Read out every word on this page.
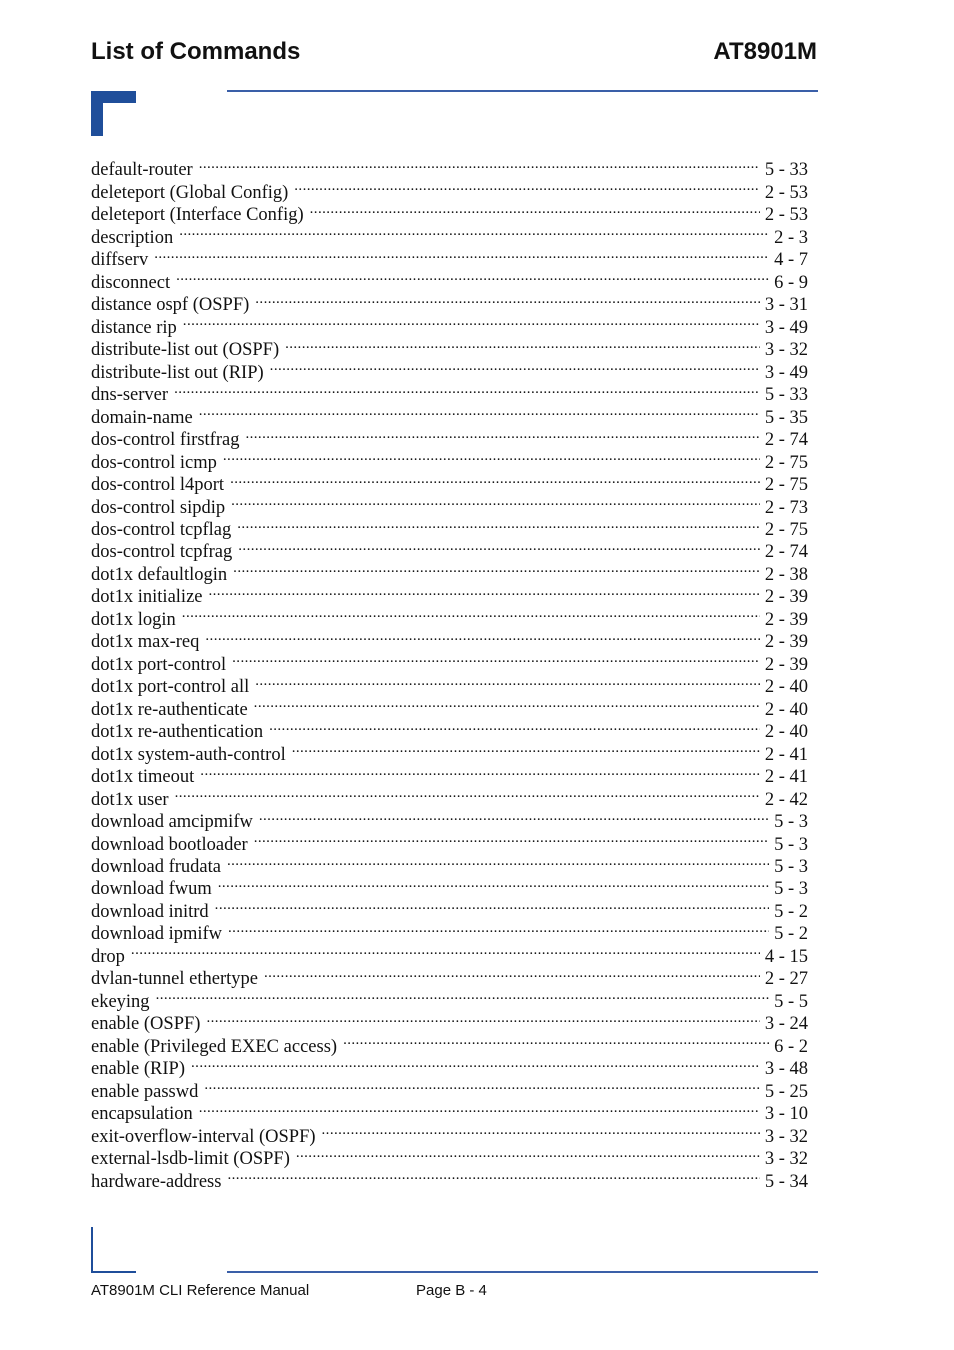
List of Commands	AT8901M
default-router .....	5 - 33
deleteport (Global Config) .....	2 - 53
deleteport (Interface Config) .....	2 - 53
description .....	2 - 3
diffserv .....	4 - 7
disconnect .....	6 - 9
distance ospf (OSPF) .....	3 - 31
distance rip .....	3 - 49
distribute-list out (OSPF) .....	3 - 32
distribute-list out (RIP) .....	3 - 49
dns-server .....	5 - 33
domain-name .....	5 - 35
dos-control firstfrag .....	2 - 74
dos-control icmp .....	2 - 75
dos-control l4port .....	2 - 75
dos-control sipdip .....	2 - 73
dos-control tcpflag .....	2 - 75
dos-control tcpfrag .....	2 - 74
dot1x defaultlogin .....	2 - 38
dot1x initialize .....	2 - 39
dot1x login .....	2 - 39
dot1x max-req .....	2 - 39
dot1x port-control .....	2 - 39
dot1x port-control all .....	2 - 40
dot1x re-authenticate .....	2 - 40
dot1x re-authentication .....	2 - 40
dot1x system-auth-control .....	2 - 41
dot1x timeout .....	2 - 41
dot1x user .....	2 - 42
download amcipmifw .....	5 - 3
download bootloader .....	5 - 3
download frudata .....	5 - 3
download fwum .....	5 - 3
download initrd .....	5 - 2
download ipmifw .....	5 - 2
drop .....	4 - 15
dvlan-tunnel ethertype .....	2 - 27
ekeying .....	5 - 5
enable (OSPF) .....	3 - 24
enable (Privileged EXEC access) .....	6 - 2
enable (RIP) .....	3 - 48
enable passwd .....	5 - 25
encapsulation .....	3 - 10
exit-overflow-interval (OSPF) .....	3 - 32
external-lsdb-limit (OSPF) .....	3 - 32
hardware-address .....	5 - 34
AT8901M CLI Reference Manual	Page B - 4
